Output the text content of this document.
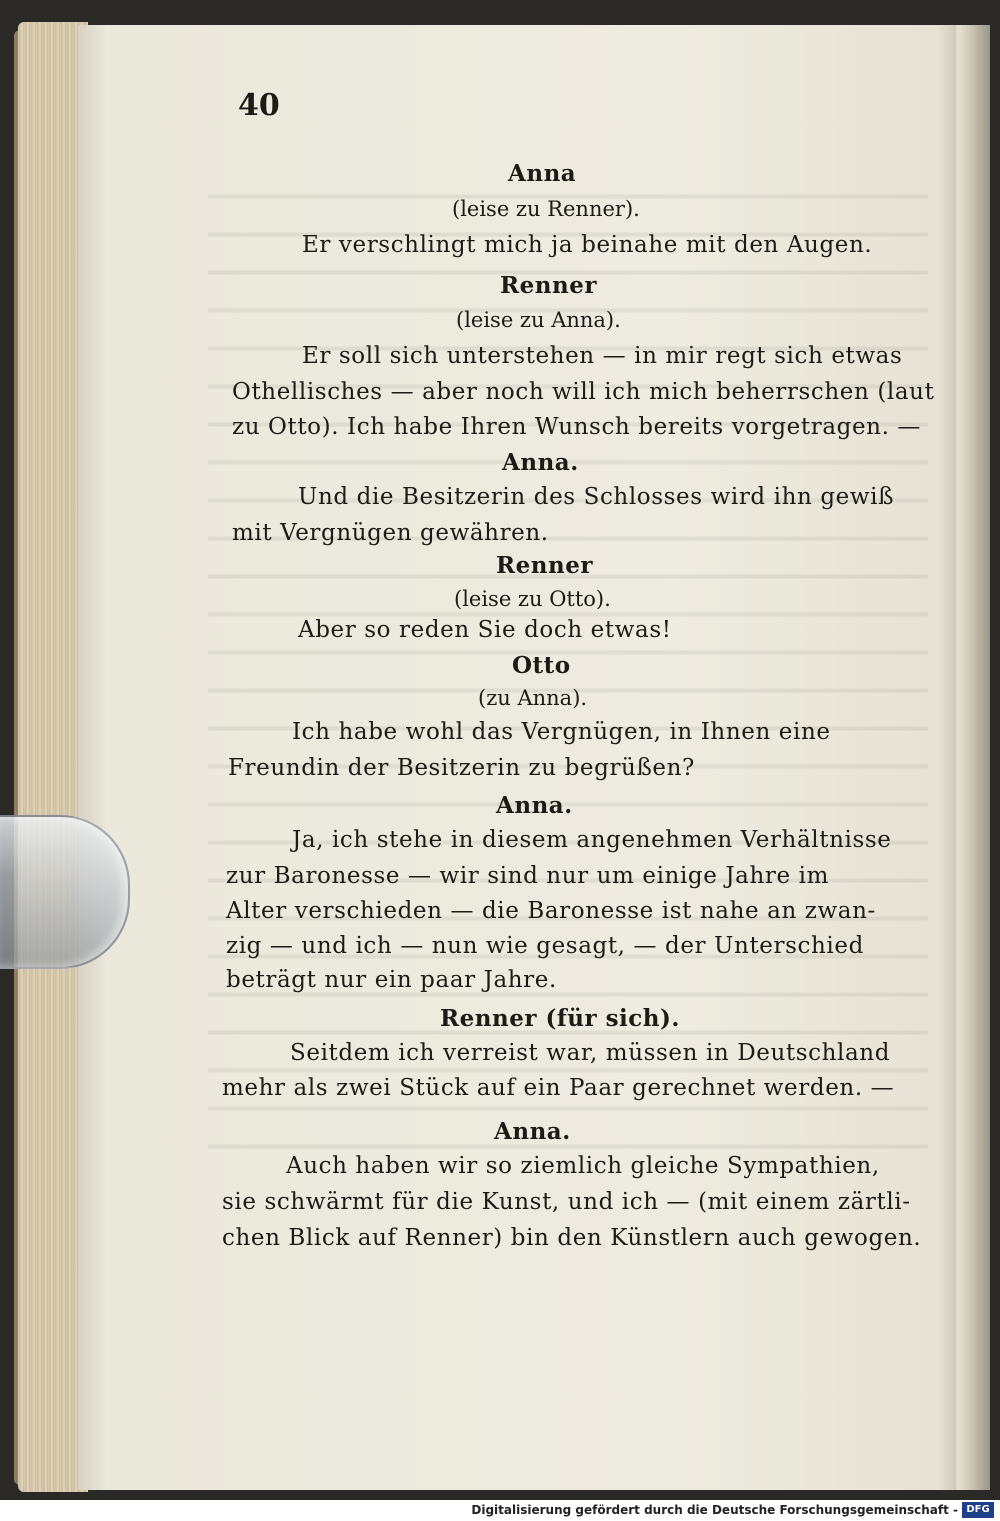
40
Anna
(leise zu Renner).
Er verschlingt mich ja beinahe mit den Augen.
Renner
(leise zu Anna).
Er soll sich unterstehen — in mir regt sich etwas
Othellisches — aber noch will ich mich beherrschen (laut
zu Otto). Ich habe Ihren Wunsch bereits vorgetragen. —
Anna.
Und die Besitzerin des Schlosses wird ihn gewiß
mit Vergnügen gewähren.
Renner
(leise zu Otto).
Aber so reden Sie doch etwas!
Otto
(zu Anna).
Ich habe wohl das Vergnügen, in Ihnen eine
Freundin der Besitzerin zu begrüßen?
Anna.
Ja, ich stehe in diesem angenehmen Verhältnisse
zur Baronesse — wir sind nur um einige Jahre im
Alter verschieden — die Baronesse ist nahe an zwan-
zig — und ich — nun wie gesagt, — der Unterschied
beträgt nur ein paar Jahre.
Renner (für sich).
Seitdem ich verreist war, müssen in Deutschland
mehr als zwei Stück auf ein Paar gerechnet werden. —
Anna.
Auch haben wir so ziemlich gleiche Sympathien,
sie schwärmt für die Kunst, und ich — (mit einem zärtli-
chen Blick auf Renner) bin den Künstlern auch gewogen.
Digitalisierung gefördert durch die Deutsche Forschungsgemeinschaft - DFG
